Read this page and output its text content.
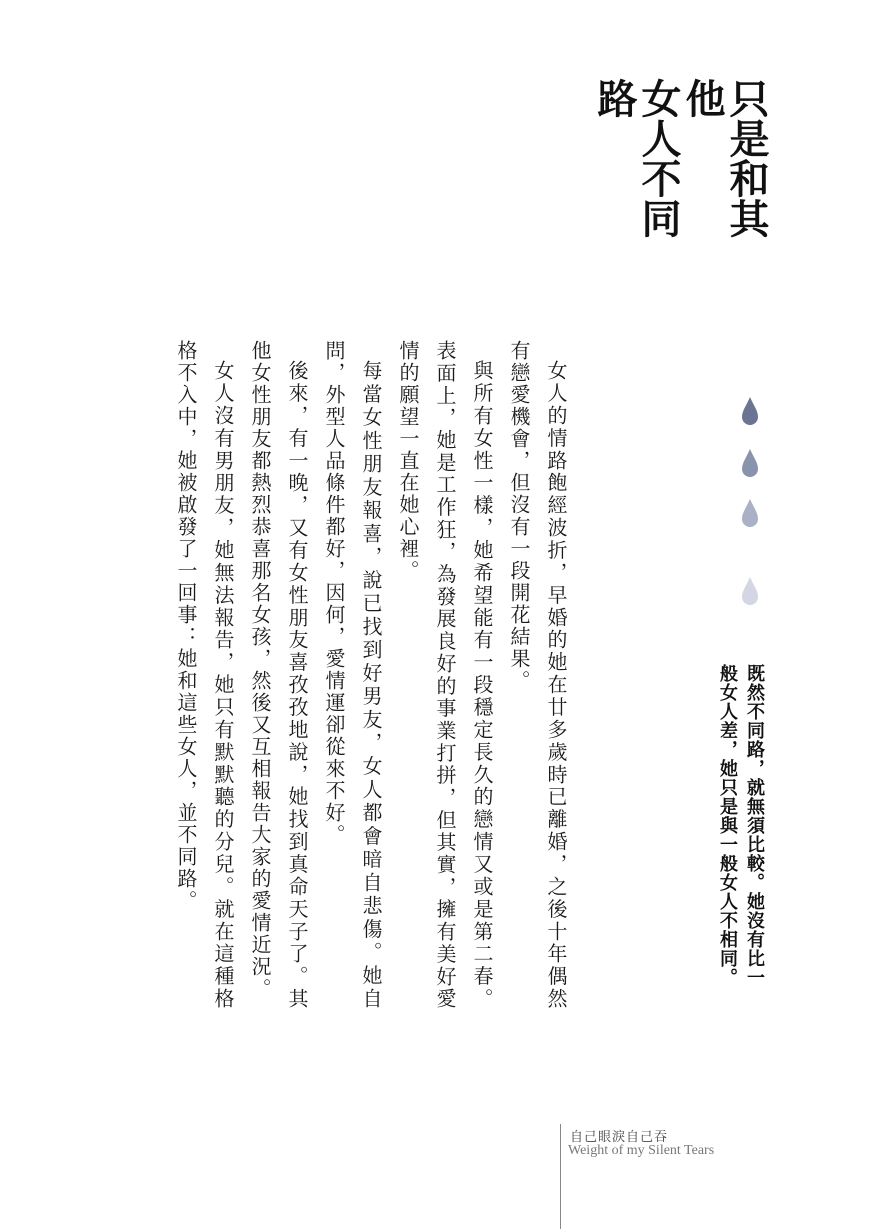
只是和其他
女人不同路

女人的情路飽經波折，早婚的她在廿多歲時已離婚，之後十年偶然有戀愛機會，但沒有一段開花結果。

與所有女性一樣，她希望能有一段穩定長久的戀情又或是第二春。表面上，她是工作狂，為發展良好的事業打拼，但其實，擁有美好愛情的願望一直在她心裡。

每當女性朋友報喜，說已找到好男友，女人都會暗自悲傷。她自問，外型人品條件都好，因何，愛情運卻從來不好。

後來，有一晚，又有女性朋友喜孜孜地說，她找到真命天子了。其他女性朋友都熱烈恭喜那名女孩，然後又互相報告大家的愛情近況。

女人沒有男朋友，她無法報告，她只有默默聽的分兒。就在這種格格不入中，她被啟發了一回事：她和這些女人，並不同路。	既然不同路，就無須比較。她沒有比一般女人差，她只是與一般女人不相同。
自己眼淚自己吞
Weight of my Silent Tears
